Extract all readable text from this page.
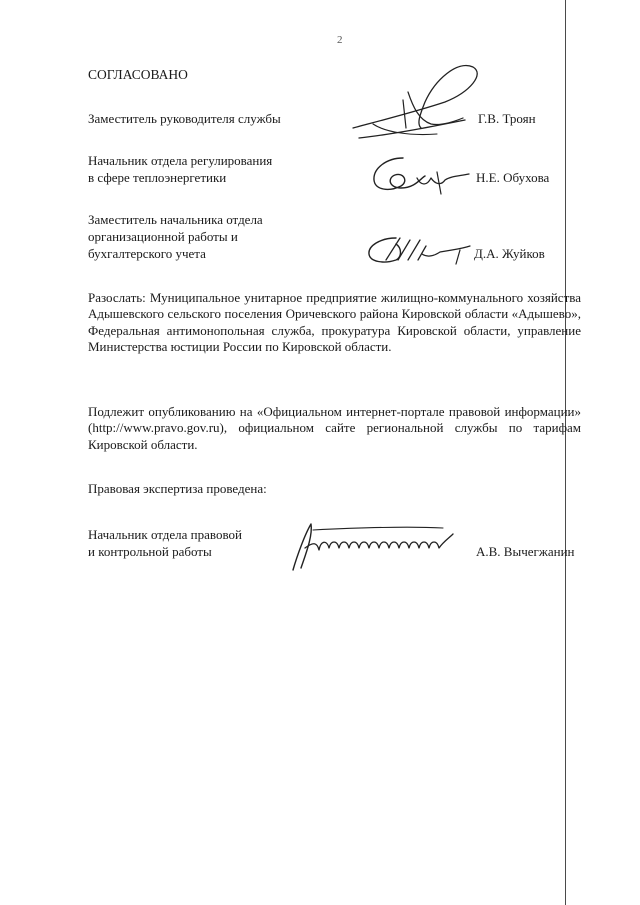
2
СОГЛАСОВАНО
Заместитель руководителя службы	Г.В. Троян
Начальник отдела регулирования
в сфере теплоэнергетики	Н.Е. Обухова
Заместитель начальника отдела
организационной работы и
бухгалтерского учета	Д.А. Жуйков
Разослать: Муниципальное унитарное предприятие жилищно-коммунального хозяйства Адышевского сельского поселения Оричевского района Кировской области «Адышево», Федеральная антимонопольная служба, прокуратура Кировской области, управление Министерства юстиции России по Кировской области.
Подлежит опубликованию на «Официальном интернет-портале правовой информации» (http://www.pravo.gov.ru), официальном сайте региональной службы по тарифам Кировской области.
Правовая экспертиза проведена:
Начальник отдела правовой
и контрольной работы	А.В. Вычегжанин
